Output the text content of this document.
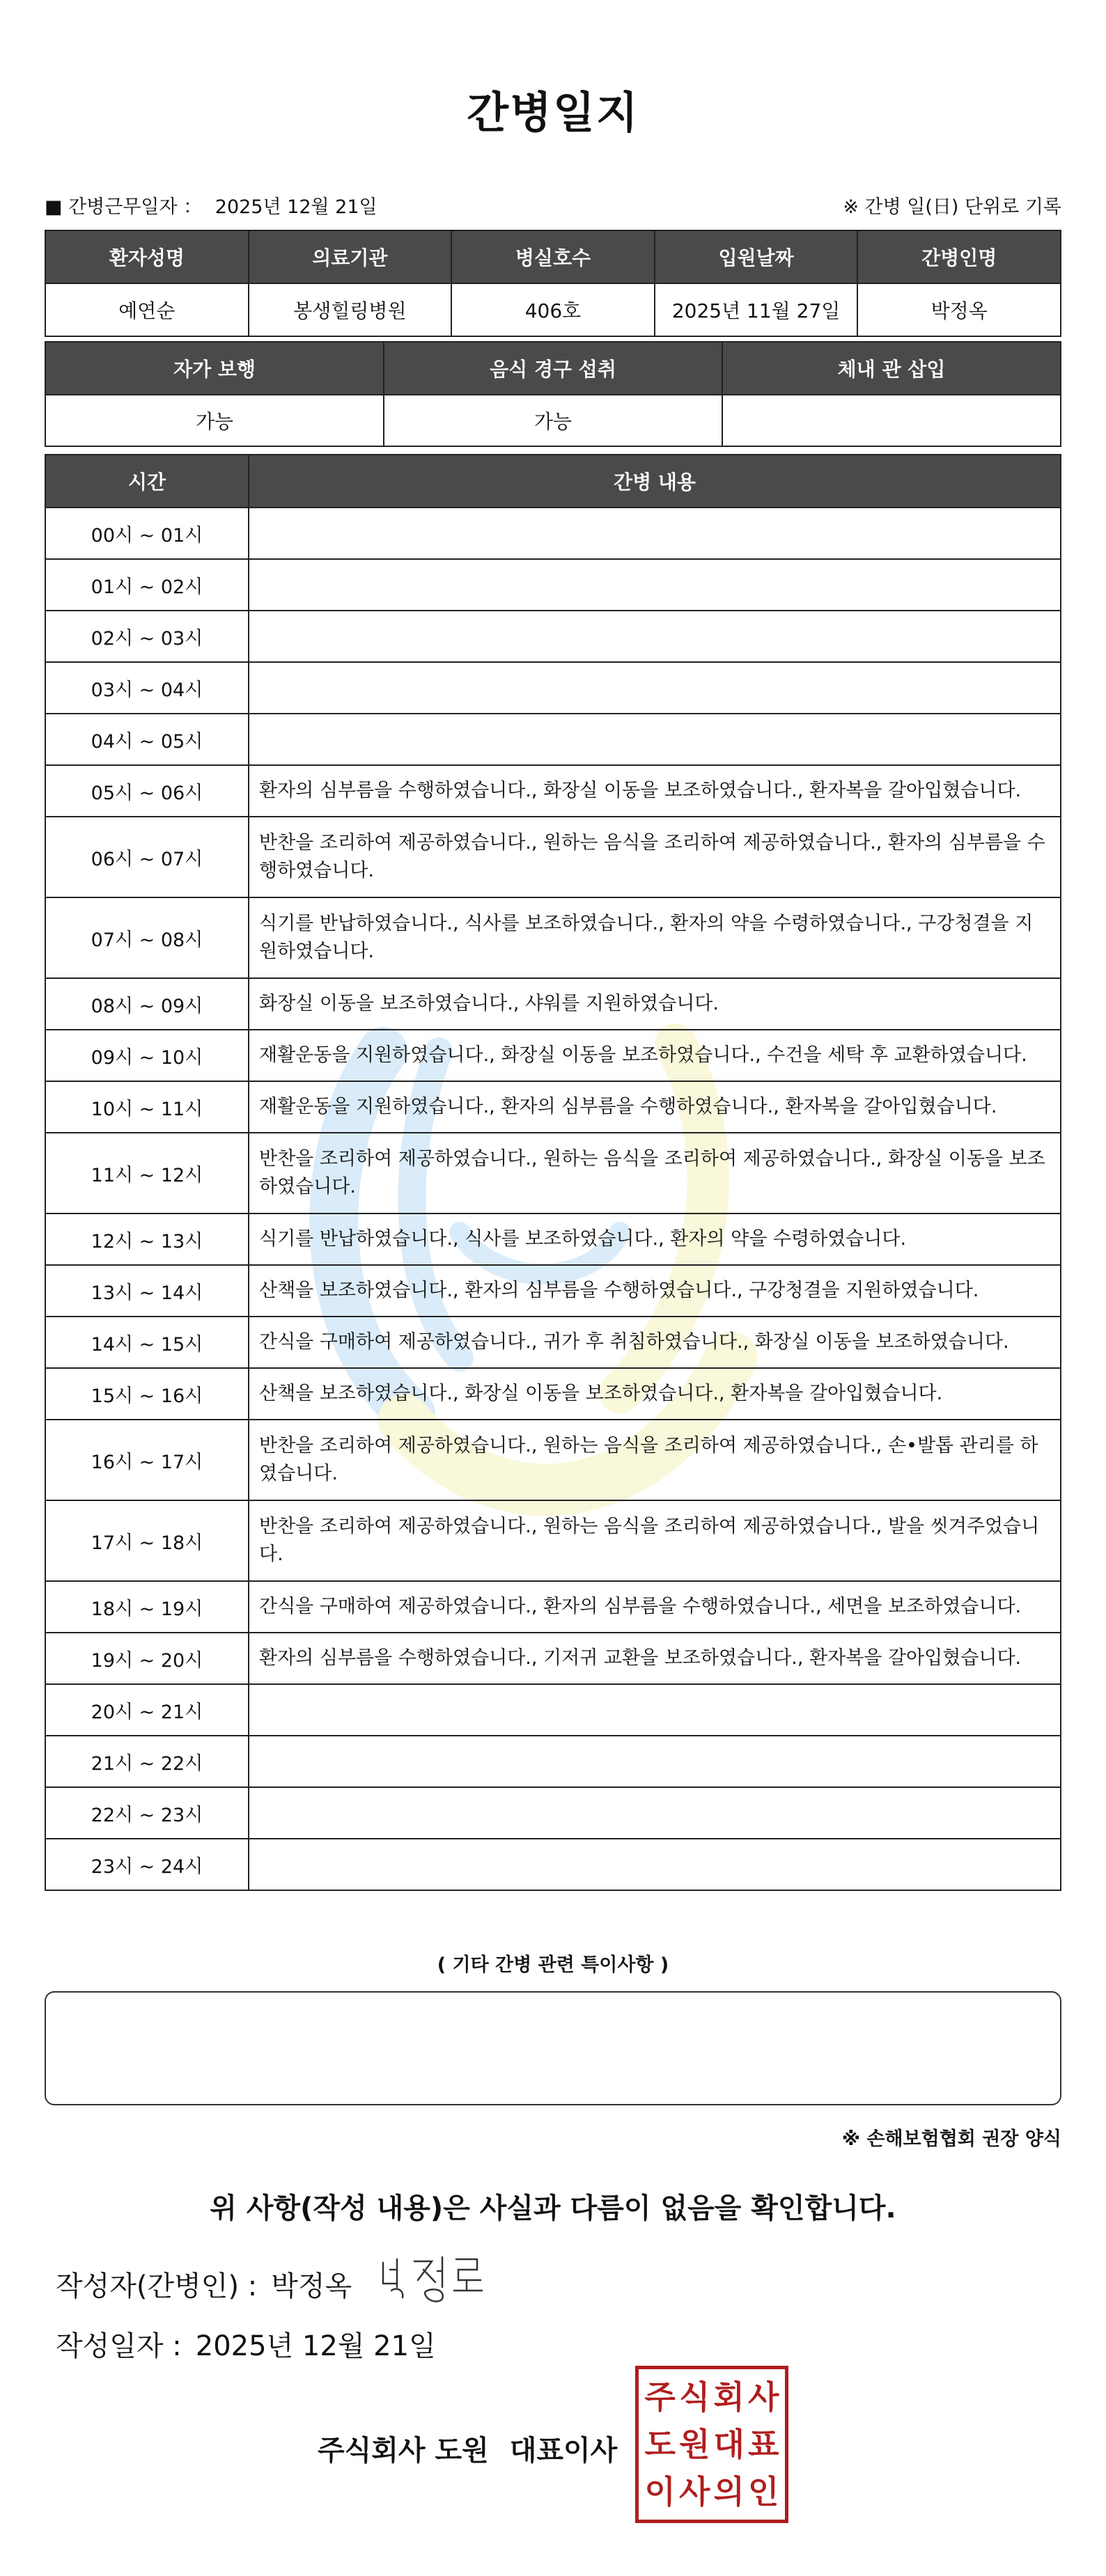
간병일지
■ 간병근무일자 ： 2025년 12월 21일	※ 간병 일(日) 단위로 기록
환자성명	의료기관	병실호수	입원날짜	간병인명
예연순	봉생힐링병원	406호	2025년 11월 27일	박정옥
자가 보행	음식 경구 섭취	체내 관 삽입
가능	가능	
시간	간병 내용
00시 ~ 01시	
01시 ~ 02시	
02시 ~ 03시	
03시 ~ 04시	
04시 ~ 05시	
05시 ~ 06시	환자의 심부름을 수행하였습니다., 화장실 이동을 보조하였습니다., 환자복을 갈아입혔습니다.
06시 ~ 07시	반찬을 조리하여 제공하였습니다., 원하는 음식을 조리하여 제공하였습니다., 환자의 심부름을 수행하였습니다.
07시 ~ 08시	식기를 반납하였습니다., 식사를 보조하였습니다., 환자의 약을 수령하였습니다., 구강청결을 지원하였습니다.
08시 ~ 09시	화장실 이동을 보조하였습니다., 샤워를 지원하였습니다.
09시 ~ 10시	재활운동을 지원하였습니다., 화장실 이동을 보조하였습니다., 수건을 세탁 후 교환하였습니다.
10시 ~ 11시	재활운동을 지원하였습니다., 환자의 심부름을 수행하였습니다., 환자복을 갈아입혔습니다.
11시 ~ 12시	반찬을 조리하여 제공하였습니다., 원하는 음식을 조리하여 제공하였습니다., 화장실 이동을 보조하였습니다.
12시 ~ 13시	식기를 반납하였습니다., 식사를 보조하였습니다., 환자의 약을 수령하였습니다.
13시 ~ 14시	산책을 보조하였습니다., 환자의 심부름을 수행하였습니다., 구강청결을 지원하였습니다.
14시 ~ 15시	간식을 구매하여 제공하였습니다., 귀가 후 취침하였습니다., 화장실 이동을 보조하였습니다.
15시 ~ 16시	산책을 보조하였습니다., 화장실 이동을 보조하였습니다., 환자복을 갈아입혔습니다.
16시 ~ 17시	반찬을 조리하여 제공하였습니다., 원하는 음식을 조리하여 제공하였습니다., 손•발톱 관리를 하였습니다.
17시 ~ 18시	반찬을 조리하여 제공하였습니다., 원하는 음식을 조리하여 제공하였습니다., 발을 씻겨주었습니다.
18시 ~ 19시	간식을 구매하여 제공하였습니다., 환자의 심부름을 수행하였습니다., 세면을 보조하였습니다.
19시 ~ 20시	환자의 심부름을 수행하였습니다., 기저귀 교환을 보조하였습니다., 환자복을 갈아입혔습니다.
20시 ~ 21시	
21시 ~ 22시	
22시 ~ 23시	
23시 ~ 24시	
( 기타 간병 관련 특이사항 )
※ 손해보험협회 권장 양식
위 사항(작성 내용)은 사실과 다름이 없음을 확인합니다.
작성자(간병인) : 박정옥
작성일자 : 2025년 12월 21일
주식회사 도원 대표이사
주 식 회 사
도 원 대 표
이 사 의 인
